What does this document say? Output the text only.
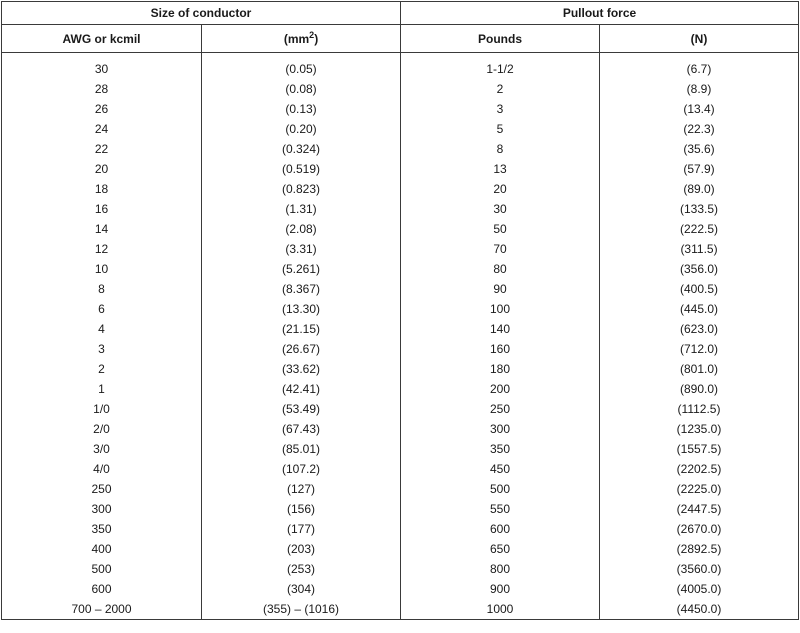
Size of conductor		Pullout force	
AWG or kcmil	$(mm^2)$	Pounds	(N)
30	(0.05)	1-1/2	(6.7)
28	(0.08)	2	(8.9)
26	(0.13)	3	(13.4)
24	(0.20)	5	(22.3)
22	(0.324)	8	(35.6)
20	(0.519)	13	(57.9)
18	(0.823)	20	(89.0)
16	(1.31)	30	(133.5)
14	(2.08)	50	(222.5)
12	(3.31)	70	(311.5)
10	(5.261)	80	(356.0)
8	(8.367)	90	(400.5)
6	(13.30)	100	(445.0)
4	(21.15)	140	(623.0)
3	(26.67)	160	(712.0)
2	(33.62)	180	(801.0)
1	(42.41)	200	(890.0)
1/0	(53.49)	250	(1112.5)
2/0	(67.43)	300	(1235.0)
3/0	(85.01)	350	(1557.5)
4/0	(107.2)	450	(2202.5)
250	(127)	500	(2225.0)
300	(156)	550	(2447.5)
350	(177)	600	(2670.0)
400	(203)	650	(2892.5)
500	(253)	800	(3560.0)
600	(304)	900	(4005.0)
700 – 2000	(355) – (1016)	1000	(4450.0)
